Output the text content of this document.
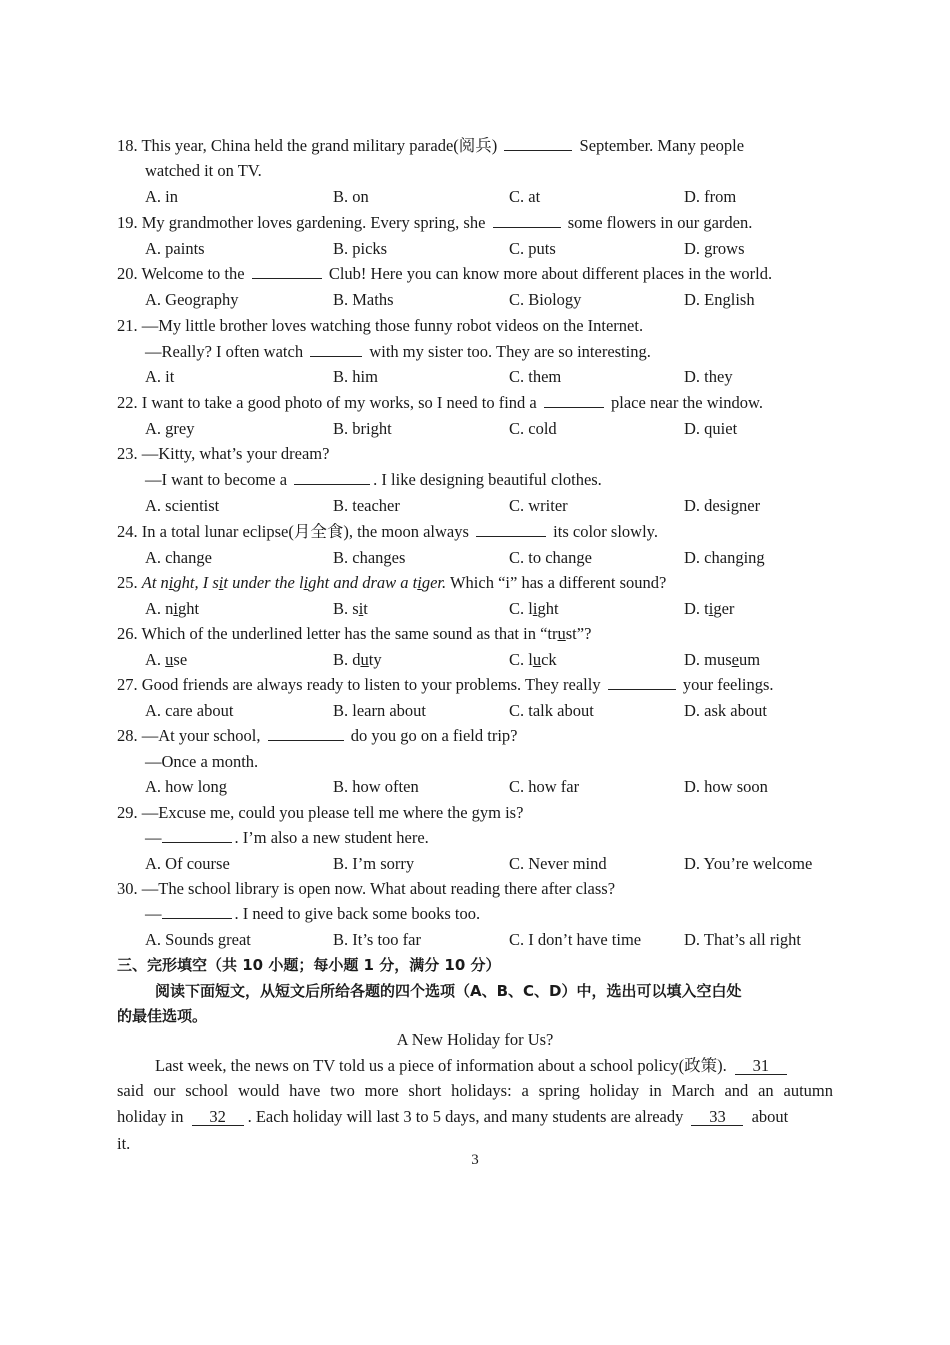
18. This year, China held the grand military parade(阅兵)	September. Many people
watched it on TV.
A. in	B. on	C. at	D. from
19. My grandmother loves gardening. Every spring, she	some flowers in our garden.
A. paints	B. picks	C. puts	D. grows
20. Welcome to the	Club! Here you can know more about different places in the world.
A. Geography	B. Maths	C. Biology	D. English
21. —My little brother loves watching those funny robot videos on the Internet.
—Really? I often watch	with my sister too. They are so interesting.
A. it	B. him	C. them	D. they
22. I want to take a good photo of my works, so I need to find a	place near the window.
A. grey	B. bright	C. cold	D. quiet
23. —Kitty, what’s your dream?
—I want to become a	. I like designing beautiful clothes.
A. scientist	B. teacher	C. writer	D. designer
24. In a total lunar eclipse(月全食), the moon always	its color slowly.
A. change	B. changes	C. to change	D. changing
25. At night, I sit under the light and draw a tiger. Which “i” has a different sound?
A. night	B. sit	C. light	D. tiger
26. Which of the underlined letter has the same sound as that in “trust”?
A. use	B. duty	C. luck	D. museum
27. Good friends are always ready to listen to your problems. They really	your feelings.
A. care about	B. learn about	C. talk about	D. ask about
28. —At your school,	do you go on a field trip?
—Once a month.
A. how long	B. how often	C. how far	D. how soon
29. —Excuse me, could you please tell me where the gym is?
—	. I’m also a new student here.
A. Of course	B. I’m sorry	C. Never mind	D. You’re welcome
30. —The school library is open now. What about reading there after class?
—	. I need to give back some books too.
A. Sounds great	B. It’s too far	C. I don’t have time	D. That’s all right
三、完形填空（共 10 小题；每小题 1 分，满分 10 分）
阅读下面短文，从短文后所给各题的四个选项（A、B、C、D）中，选出可以填入空白处
的最佳选项。
A New Holiday for Us?
Last week, the news on TV told us a piece of information about a school policy(政策). 31
said our school would have two more short holidays: a spring holiday in March and an autumn
holiday in 32 . Each holiday will last 3 to 5 days, and many students are already 33 about
it.
3
